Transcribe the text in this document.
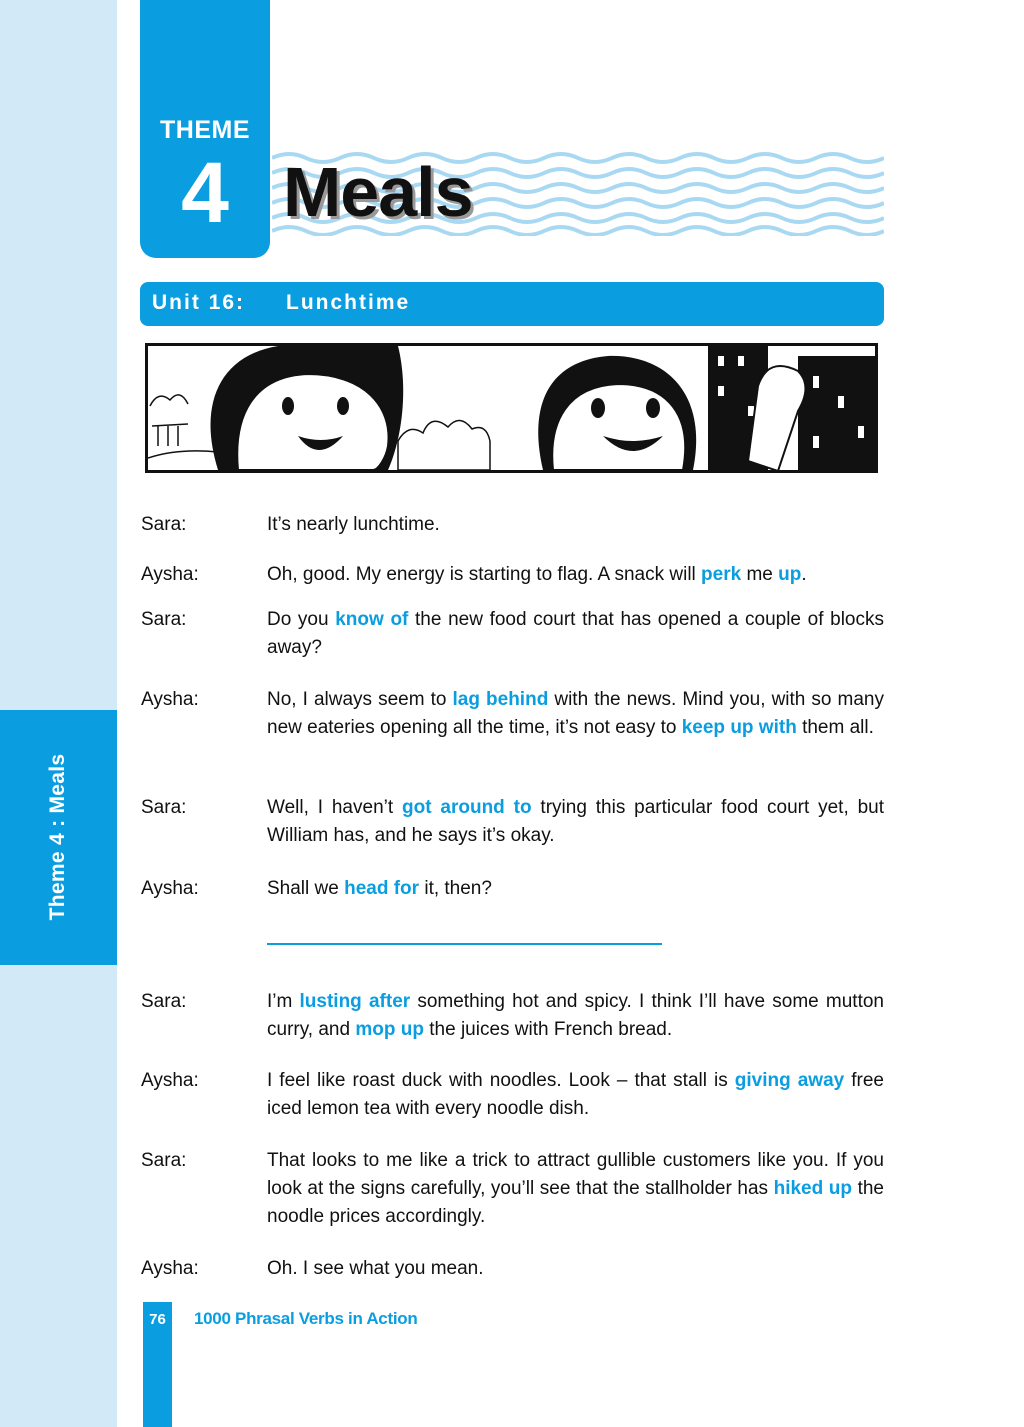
Theme 4 : Meals
THEME
4 Meals
Unit 16: Lunchtime
Sara:	It’s nearly lunchtime.
Aysha:	Oh, good. My energy is starting to flag. A snack will perk me up.
Sara:	Do you know of the new food court that has opened a couple of blocks away?
Aysha:	No, I always seem to lag behind with the news. Mind you, with so many new eateries opening all the time, it’s not easy to keep up with them all.
Sara:	Well, I haven’t got around to trying this particular food court yet, but William has, and he says it’s okay.
Aysha:	Shall we head for it, then?
Sara:	I’m lusting after something hot and spicy. I think I’ll have some mutton curry, and mop up the juices with French bread.
Aysha:	I feel like roast duck with noodles. Look – that stall is giving away free iced lemon tea with every noodle dish.
Sara:	That looks to me like a trick to attract gullible customers like you. If you look at the signs carefully, you’ll see that the stallholder has hiked up the noodle prices accordingly.
Aysha:	Oh. I see what you mean.
76	1000 Phrasal Verbs in Action
